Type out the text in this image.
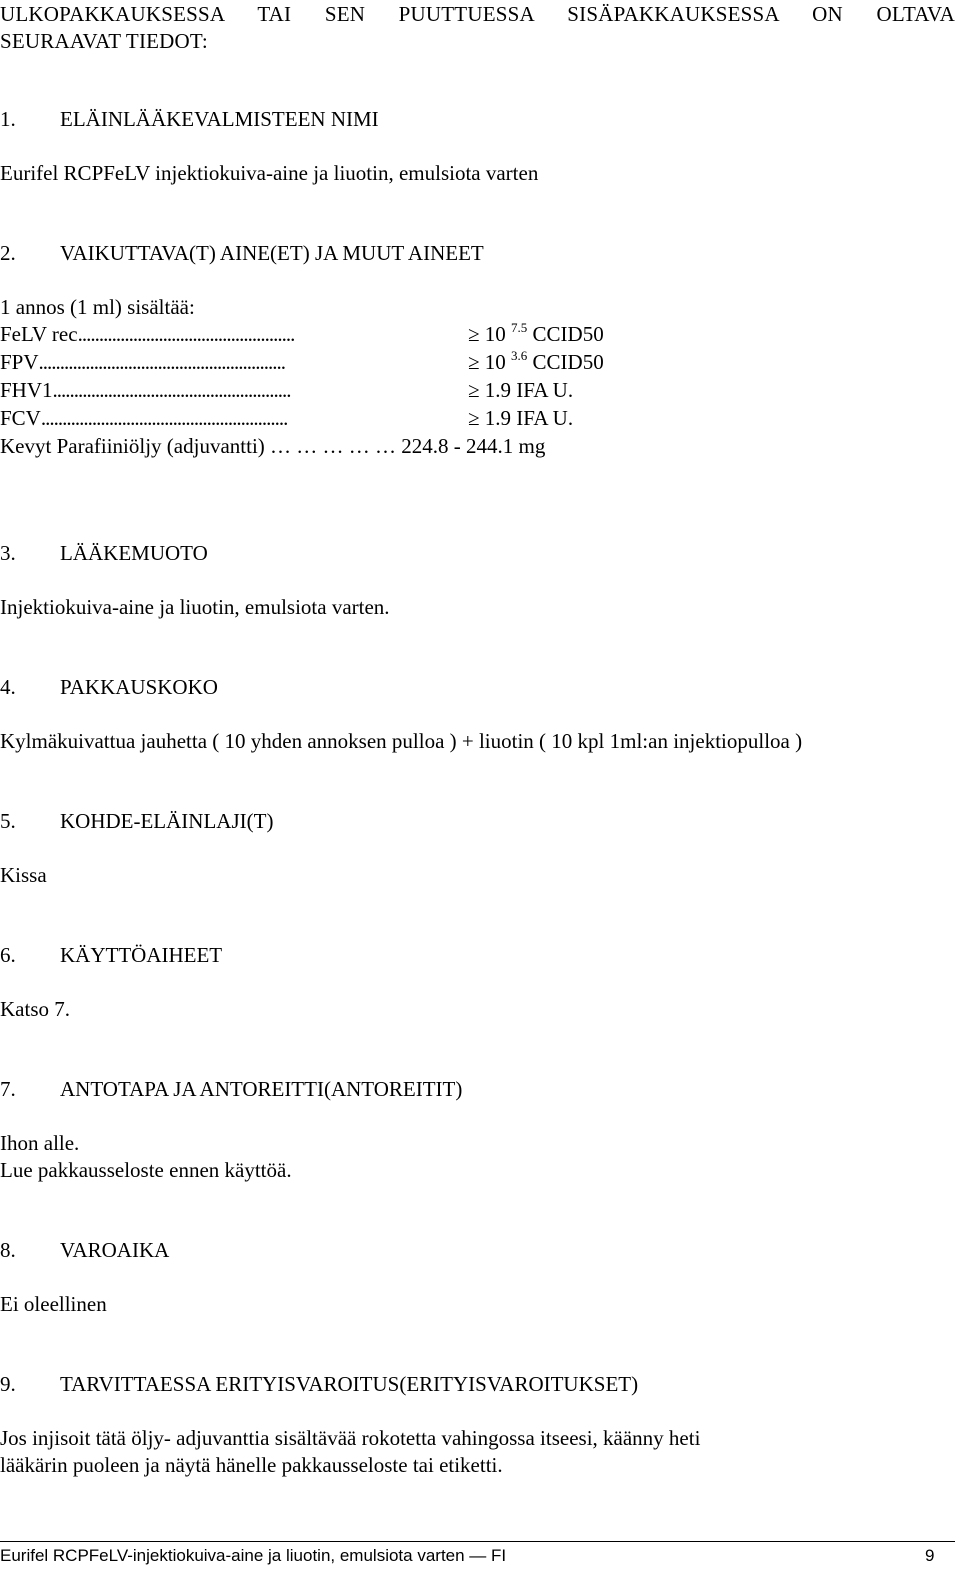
ULKOPAKKAUKSESSA TAI SEN PUUTTUESSA SISÄPAKKAUKSESSA ON OLTAVA
SEURAAVAT TIEDOT:
1. ELÄINLÄÄKEVALMISTEEN NIMI
Eurifel RCPFeLV injektiokuiva-aine ja liuotin, emulsiota varten
2. VAIKUTTAVA(T) AINE(ET) JA MUUT AINEET
1 annos (1 ml) sisältää:
FeLV rec...................................................	≥ 10 $^{7.5}$ CCID50
FPV..........................................................	≥ 10 $^{3.6}$ CCID50
FHV1........................................................	≥ 1.9 IFA U.
FCV..........................................................	≥ 1.9 IFA U.
Kevyt Parafiiniöljy (adjuvantti) … … … … … 224.8 - 244.1 mg
3. LÄÄKEMUOTO
Injektiokuiva-aine ja liuotin, emulsiota varten.
4. PAKKAUSKOKO
Kylmäkuivattua jauhetta ( 10 yhden annoksen pulloa ) + liuotin ( 10 kpl 1ml:an injektiopulloa )
5. KOHDE-ELÄINLAJI(T)
Kissa
6. KÄYTTÖAIHEET
Katso 7.
7. ANTOTAPA JA ANTOREITTI(ANTOREITIT)
Ihon alle.
Lue pakkausseloste ennen käyttöä.
8. VAROAIKA
Ei oleellinen
9. TARVITTAESSA ERITYISVAROITUS(ERITYISVAROITUKSET)
Jos injisoit tätä öljy- adjuvanttia sisältävää rokotetta vahingossa itseesi, käänny heti
lääkärin puoleen ja näytä hänelle pakkausseloste tai etiketti.
Eurifel RCPFeLV-injektiokuiva-aine ja liuotin, emulsiota varten — FI	9
